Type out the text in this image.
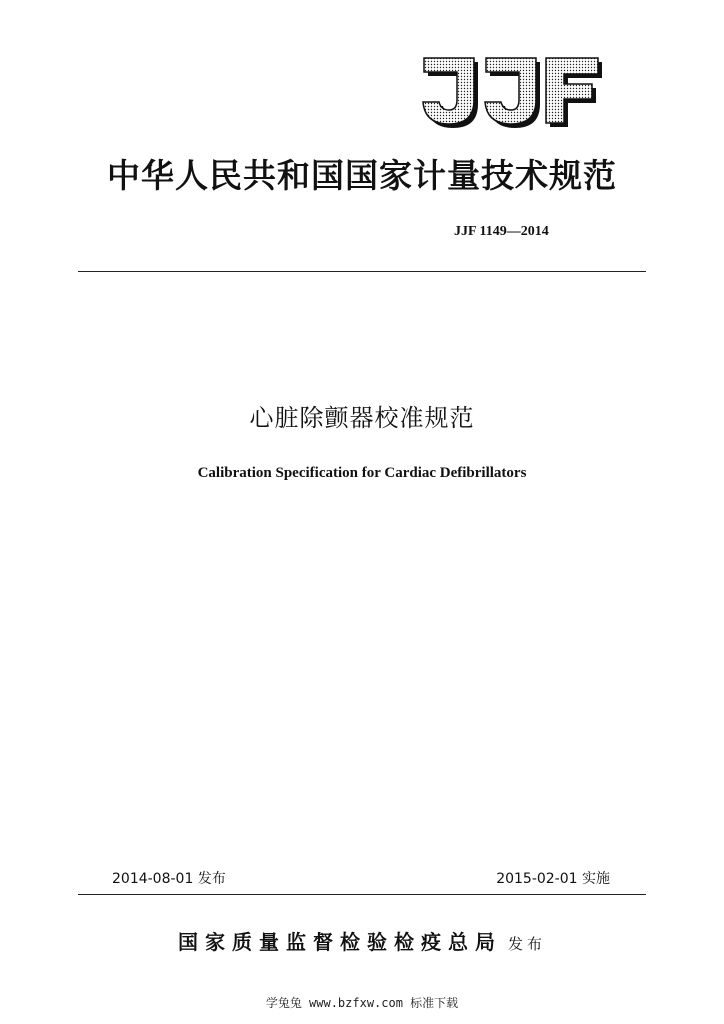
中华人民共和国国家计量技术规范
JJF 1149—2014
心脏除颤器校准规范
Calibration Specification for Cardiac Defibrillators
2014-08-01 发布	2015-02-01 实施
国家质量监督检验检疫总局 发布
学兔兔 www.bzfxw.com 标准下载
